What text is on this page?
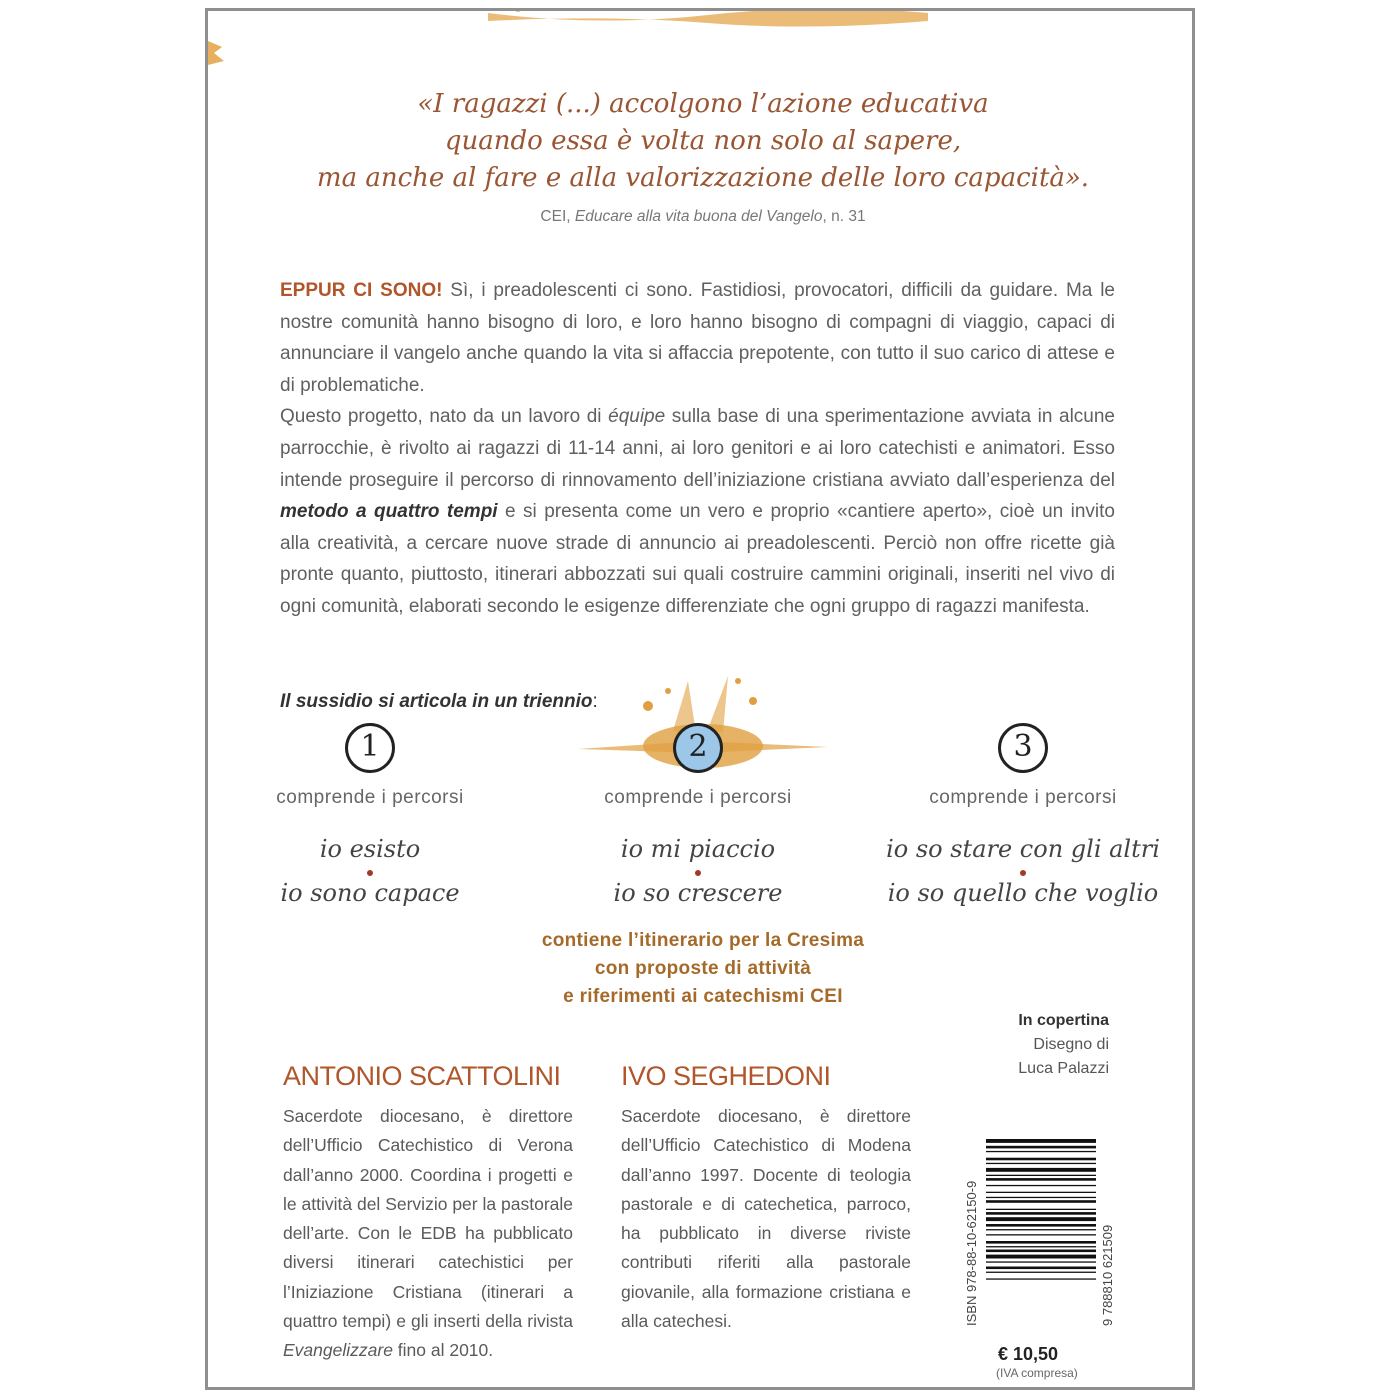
«I ragazzi (...) accolgono l’azione educativa
quando essa è volta non solo al sapere,
ma anche al fare e alla valorizzazione delle loro capacità».
CEI, Educare alla vita buona del Vangelo, n. 31

EPPUR CI SONO! Sì, i preadolescenti ci sono. Fastidiosi, provocatori, difficili da guidare. Ma le nostre comunità hanno bisogno di loro, e loro hanno bisogno di compagni di viaggio, capaci di annunciare il vangelo anche quando la vita si affaccia prepotente, con tutto il suo carico di attese e di problematiche.

Questo progetto, nato da un lavoro di équipe sulla base di una sperimentazione avviata in alcune parrocchie, è rivolto ai ragazzi di 11-14 anni, ai loro genitori e ai loro catechisti e animatori. Esso intende proseguire il percorso di rinnovamento dell’iniziazione cristiana avviato dall’esperienza del metodo a quattro tempi e si presenta come un vero e proprio «cantiere aperto», cioè un invito alla creatività, a cercare nuove strade di annuncio ai preadolescenti. Perciò non offre ricette già pronte quanto, piuttosto, itinerari abbozzati sui quali costruire cammini originali, inseriti nel vivo di ogni comunità, elaborati secondo le esigenze differenziate che ogni gruppo di ragazzi manifesta.

Il sussidio si articola in un triennio:
1
comprende i percorsi
io esisto
io sono capace
2
comprende i percorsi
io mi piaccio
io so crescere
3
comprende i percorsi
io so stare con gli altri
io so quello che voglio
contiene l’itinerario per la Cresima
con proposte di attività
e riferimenti ai catechismi CEI
In copertina
Disegno di
Luca Palazzi
ANTONIO SCATTOLINI

Sacerdote diocesano, è direttore dell’Ufficio Catechistico di Verona dall’anno 2000. Coordina i progetti e le attività del Servizio per la pastorale dell’arte. Con le EDB ha pubblicato diversi itinerari catechistici per l’Iniziazione Cristiana (itinerari a quattro tempi) e gli inserti della rivista Evangelizzare fino al 2010.

IVO SEGHEDONI

Sacerdote diocesano, è direttore dell’Ufficio Catechistico di Modena dall’anno 1997. Docente di teologia pastorale e di catechetica, parroco, ha pubblicato in diverse riviste contributi riferiti alla pastorale giovanile, alla formazione cristiana e alla catechesi.	ISBN 978-88-10-62150-9	9 788810 621509
€ 10,50
(IVA compresa)
